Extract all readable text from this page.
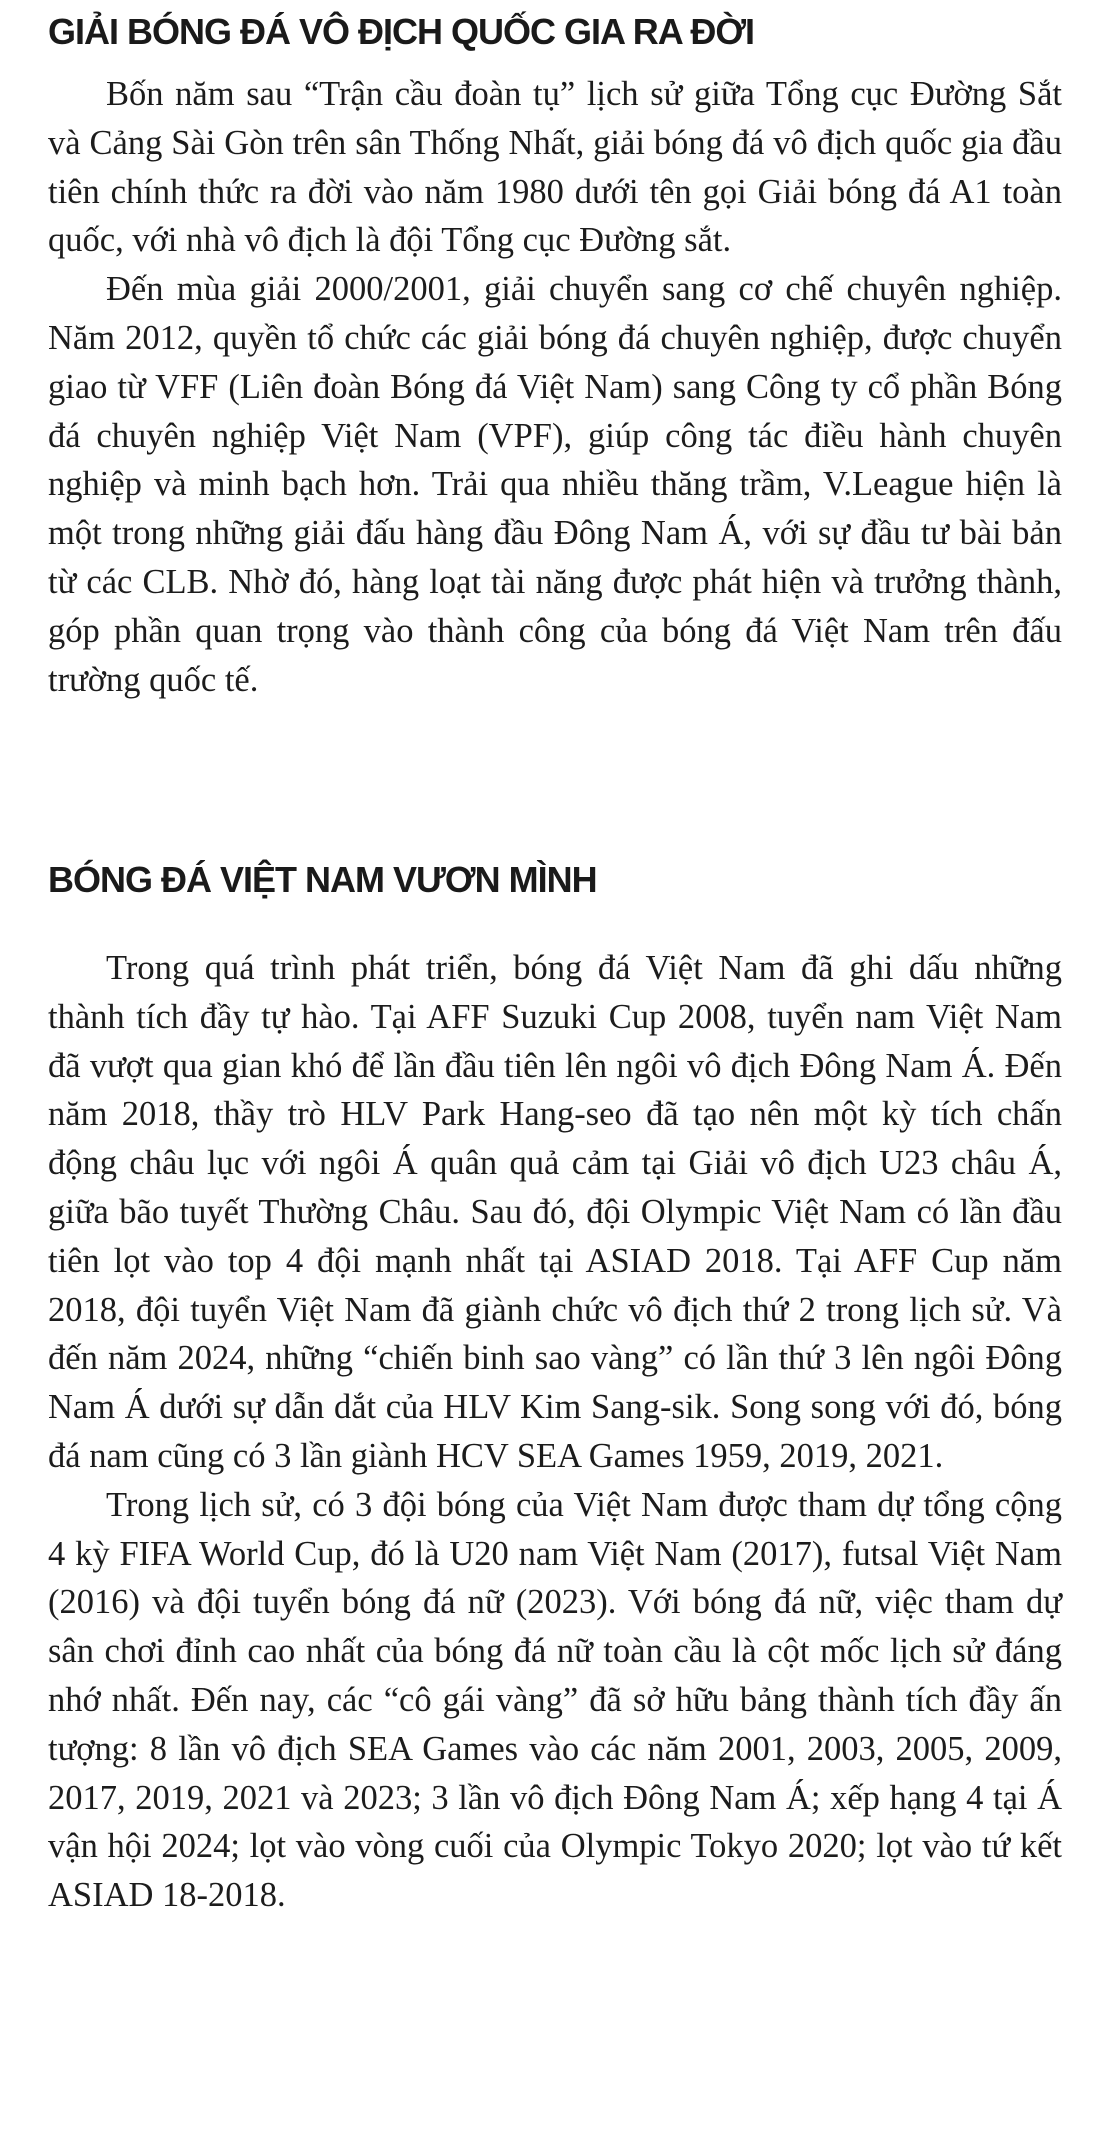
GIẢI BÓNG ĐÁ VÔ ĐỊCH QUỐC GIA RA ĐỜI

Bốn năm sau “Trận cầu đoàn tụ” lịch sử giữa Tổng cục Đường Sắt và Cảng Sài Gòn trên sân Thống Nhất, giải bóng đá vô địch quốc gia đầu tiên chính thức ra đời vào năm 1980 dưới tên gọi Giải bóng đá A1 toàn quốc, với nhà vô địch là đội Tổng cục Đường sắt.

Đến mùa giải 2000/2001, giải chuyển sang cơ chế chuyên nghiệp. Năm 2012, quyền tổ chức các giải bóng đá chuyên nghiệp, được chuyển giao từ VFF (Liên đoàn Bóng đá Việt Nam) sang Công ty cổ phần Bóng đá chuyên nghiệp Việt Nam (VPF), giúp công tác điều hành chuyên nghiệp và minh bạch hơn. Trải qua nhiều thăng trầm, V.League hiện là một trong những giải đấu hàng đầu Đông Nam Á, với sự đầu tư bài bản từ các CLB. Nhờ đó, hàng loạt tài năng được phát hiện và trưởng thành, góp phần quan trọng vào thành công của bóng đá Việt Nam trên đấu trường quốc tế.

BÓNG ĐÁ VIỆT NAM VƯƠN MÌNH

Trong quá trình phát triển, bóng đá Việt Nam đã ghi dấu những thành tích đầy tự hào. Tại AFF Suzuki Cup 2008, tuyển nam Việt Nam đã vượt qua gian khó để lần đầu tiên lên ngôi vô địch Đông Nam Á. Đến năm 2018, thầy trò HLV Park Hang-seo đã tạo nên một kỳ tích chấn động châu lục với ngôi Á quân quả cảm tại Giải vô địch U23 châu Á, giữa bão tuyết Thường Châu. Sau đó, đội Olympic Việt Nam có lần đầu tiên lọt vào top 4 đội mạnh nhất tại ASIAD 2018. Tại AFF Cup năm 2018, đội tuyển Việt Nam đã giành chức vô địch thứ 2 trong lịch sử. Và đến năm 2024, những “chiến binh sao vàng” có lần thứ 3 lên ngôi Đông Nam Á dưới sự dẫn dắt của HLV Kim Sang-sik. Song song với đó, bóng đá nam cũng có 3 lần giành HCV SEA Games 1959, 2019, 2021.

Trong lịch sử, có 3 đội bóng của Việt Nam được tham dự tổng cộng 4 kỳ FIFA World Cup, đó là U20 nam Việt Nam (2017), futsal Việt Nam (2016) và đội tuyển bóng đá nữ (2023). Với bóng đá nữ, việc tham dự sân chơi đỉnh cao nhất của bóng đá nữ toàn cầu là cột mốc lịch sử đáng nhớ nhất. Đến nay, các “cô gái vàng” đã sở hữu bảng thành tích đầy ấn tượng: 8 lần vô địch SEA Games vào các năm 2001, 2003, 2005, 2009, 2017, 2019, 2021 và 2023; 3 lần vô địch Đông Nam Á; xếp hạng 4 tại Á vận hội 2024; lọt vào vòng cuối của Olympic Tokyo 2020; lọt vào tứ kết ASIAD 18-2018.
